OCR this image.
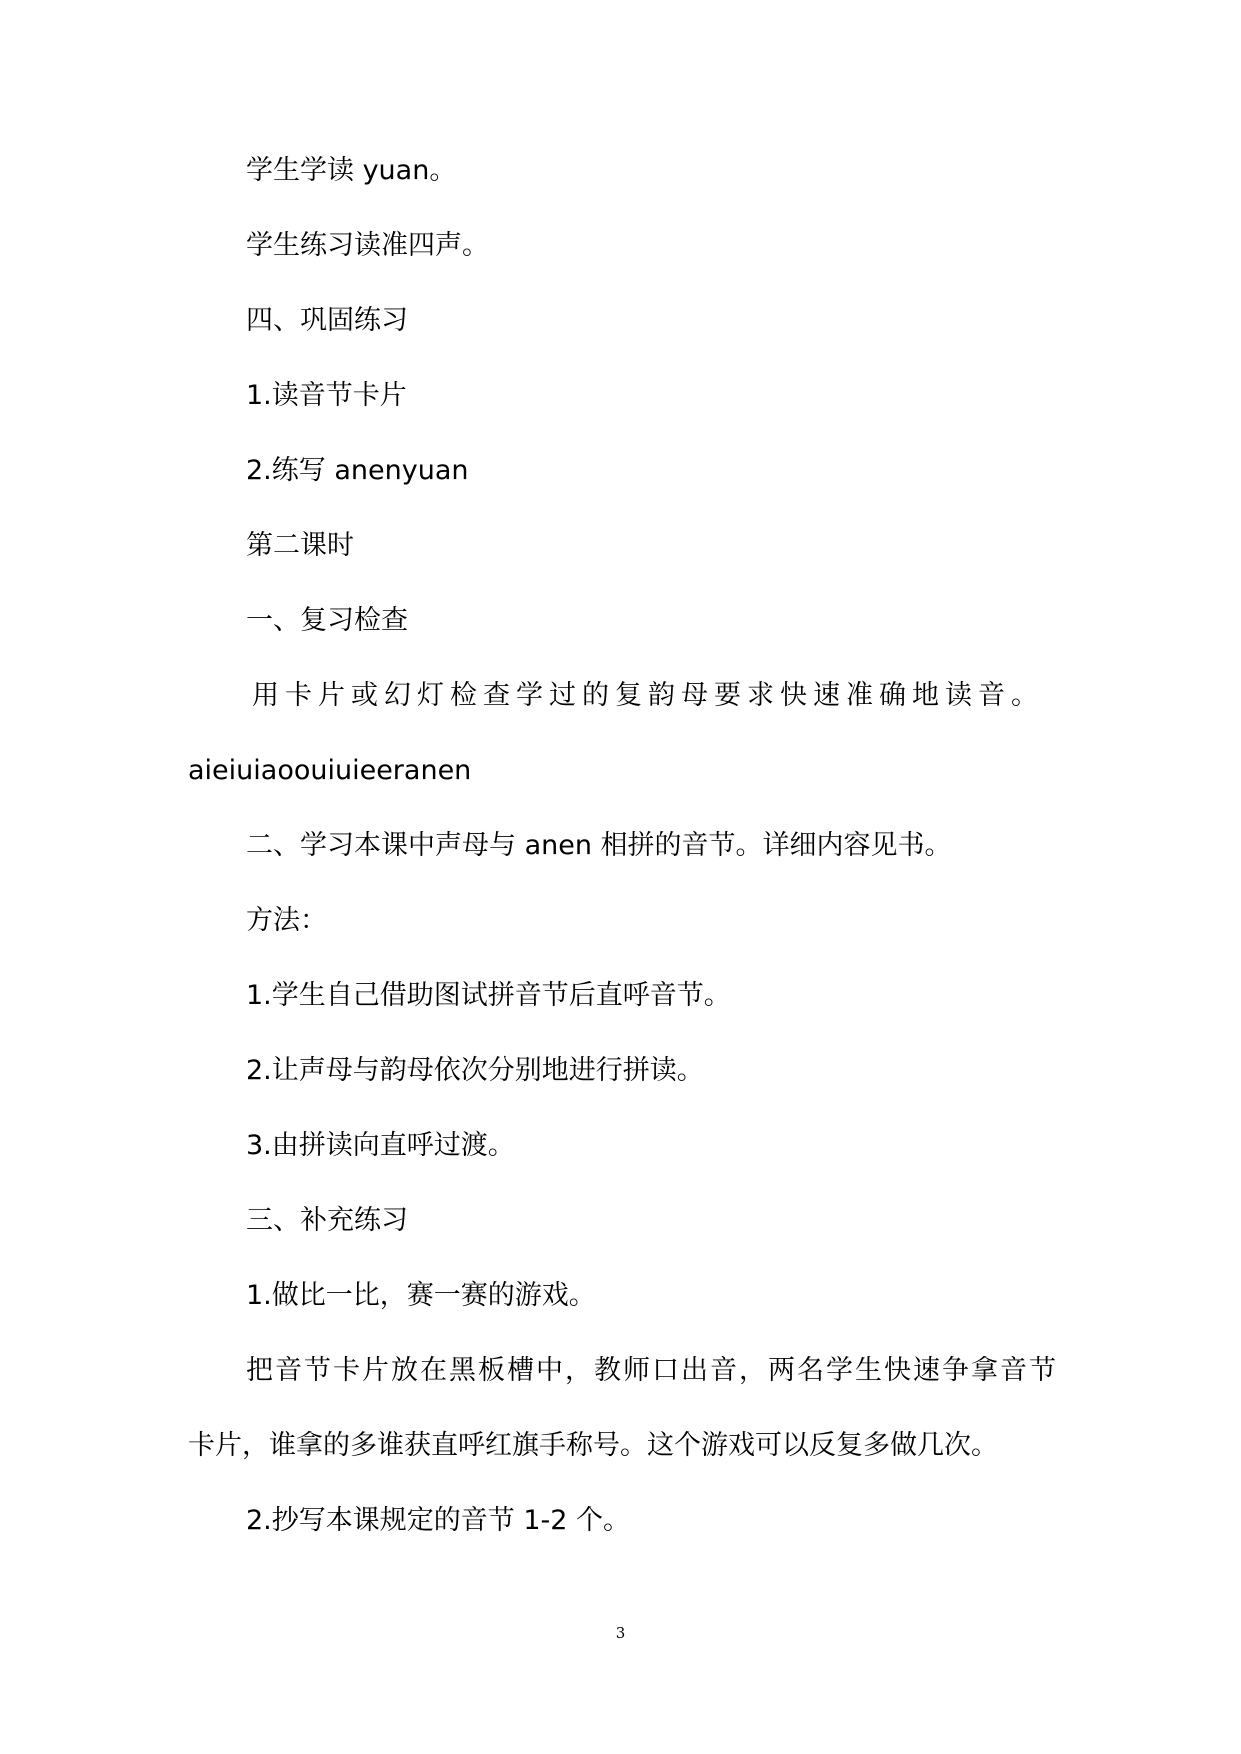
学生学读 yuan。
学生练习读准四声。
四、巩固练习
1.读音节卡片
2.练写 anenyuan
第二课时
一、复习检查
用卡片或幻灯检查学过的复韵母要求快速准确地读音。
aieiuiaoouiuieeranen
二、学习本课中声母与 anen 相拼的音节。详细内容见书。
方法：
1.学生自己借助图试拼音节后直呼音节。
2.让声母与韵母依次分别地进行拼读。
3.由拼读向直呼过渡。
三、补充练习
1.做比一比，赛一赛的游戏。
把音节卡片放在黑板槽中，教师口出音，两名学生快速争拿音节
卡片，谁拿的多谁获直呼红旗手称号。这个游戏可以反复多做几次。
2.抄写本课规定的音节 1-2 个。
3
